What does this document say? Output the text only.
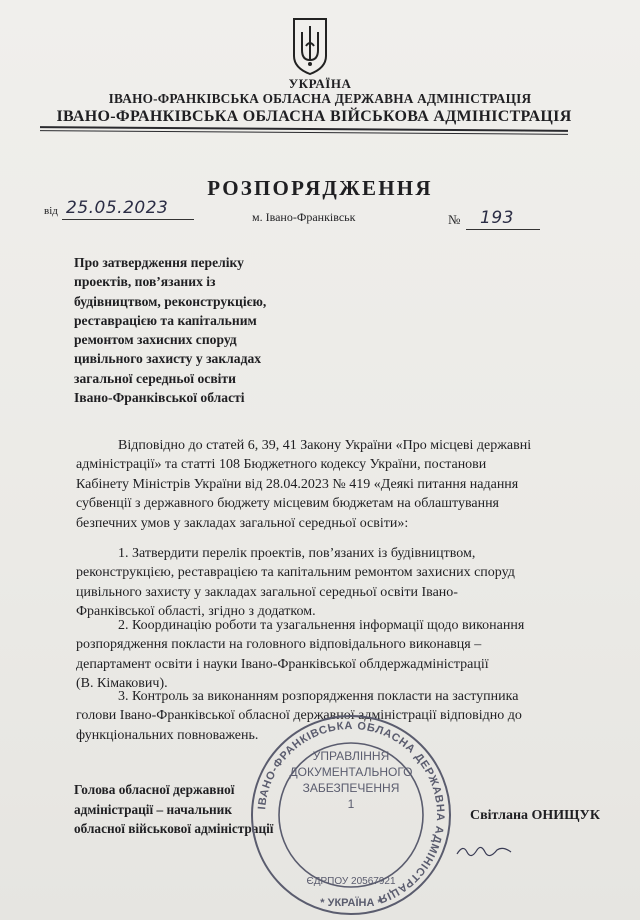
УКРАЇНА
ІВАНО-ФРАНКІВСЬКА ОБЛАСНА ДЕРЖАВНА АДМІНІСТРАЦІЯ
ІВАНО-ФРАНКІВСЬКА ОБЛАСНА ВІЙСЬКОВА АДМІНІСТРАЦІЯ
РОЗПОРЯДЖЕННЯ
від 25.05.2023	м. Івано-Франківськ	№ 193
Про затвердження переліку
проектів, пов’язаних із
будівництвом, реконструкцією,
реставрацією та капітальним
ремонтом захисних споруд
цивільного захисту у закладах
загальної середньої освіти
Івано-Франківської області
Відповідно до статей 6, 39, 41 Закону України «Про місцеві державні
адміністрації» та статті 108 Бюджетного кодексу України, постанови
Кабінету Міністрів України від 28.04.2023 № 419 «Деякі питання надання
субвенції з державного бюджету місцевим бюджетам на облаштування
безпечних умов у закладах загальної середньої освіти»:
1. Затвердити перелік проектів, пов’язаних із будівництвом,
реконструкцією, реставрацією та капітальним ремонтом захисних споруд
цивільного захисту у закладах загальної середньої освіти Івано-
Франківської області, згідно з додатком.
2. Координацію роботи та узагальнення інформації щодо виконання
розпорядження покласти на головного відповідального виконавця –
департамент освіти і науки Івано-Франківської облдержадміністрації
(В. Кімакович).
3. Контроль за виконанням розпорядження покласти на заступника
голови Івано-Франківської обласної державної адміністрації відповідно до
функціональних повноважень.
Голова обласної державної
адміністрації – начальник
обласної військової адміністрації
Світлана ОНИЩУК
ІВАНО-ФРАНКІВСЬКА ОБЛАСНА ДЕРЖАВНА АДМІНІСТРАЦІЯ
* УКРАЇНА *
ЄДРПОУ 20567921
УПРАВЛІННЯ
ДОКУМЕНТАЛЬНОГО
ЗАБЕЗПЕЧЕННЯ
1
